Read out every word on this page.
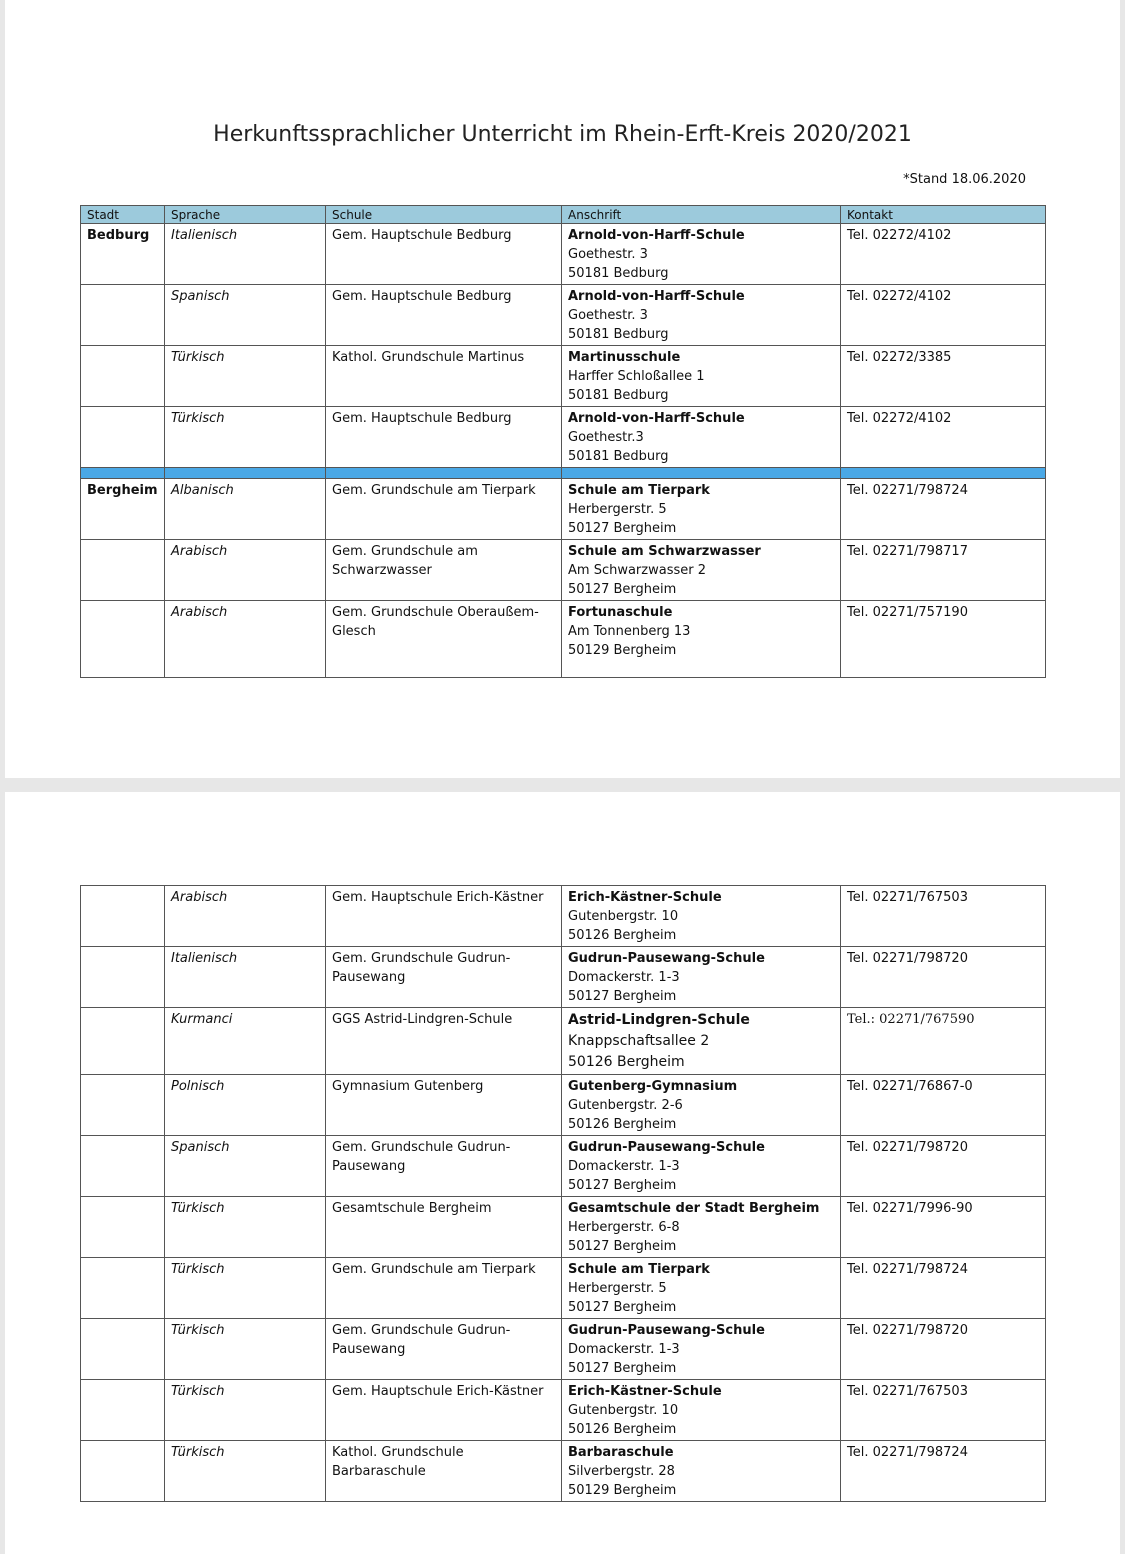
Herkunftssprachlicher Unterricht im Rhein-Erft-Kreis 2020/2021
*Stand 18.06.2020
Stadt	Sprache	Schule	Anschrift	Kontakt
Bedburg	Italienisch	Gem. Hauptschule Bedburg	Arnold-von-Harff-Schule
Goethestr. 3
50181 Bedburg	Tel. 02272/4102
	Spanisch	Gem. Hauptschule Bedburg	Arnold-von-Harff-Schule
Goethestr. 3
50181 Bedburg	Tel. 02272/4102
	Türkisch	Kathol. Grundschule Martinus	Martinusschule
Harffer Schloßallee 1
50181 Bedburg	Tel. 02272/3385
	Türkisch	Gem. Hauptschule Bedburg	Arnold-von-Harff-Schule
Goethestr.3
50181 Bedburg	Tel. 02272/4102

Bergheim	Albanisch	Gem. Grundschule am Tierpark	Schule am Tierpark
Herbergerstr. 5
50127 Bergheim	Tel. 02271/798724
	Arabisch	Gem. Grundschule am Schwarzwasser	Schule am Schwarzwasser
Am Schwarzwasser 2
50127 Bergheim	Tel. 02271/798717
	Arabisch	Gem. Grundschule Oberaußem-Glesch	Fortunaschule
Am Tonnenberg 13
50129 Bergheim	Tel. 02271/757190
	Arabisch	Gem. Hauptschule Erich-Kästner	Erich-Kästner-Schule
Gutenbergstr. 10
50126 Bergheim	Tel. 02271/767503
	Italienisch	Gem. Grundschule Gudrun-Pausewang	Gudrun-Pausewang-Schule
Domackerstr. 1-3
50127 Bergheim	Tel. 02271/798720
	Kurmanci	GGS Astrid-Lindgren-Schule	Astrid-Lindgren-Schule
Knappschaftsallee 2
50126 Bergheim	Tel.: 02271/767590
	Polnisch	Gymnasium Gutenberg	Gutenberg-Gymnasium
Gutenbergstr. 2-6
50126 Bergheim	Tel. 02271/76867-0
	Spanisch	Gem. Grundschule Gudrun-Pausewang	Gudrun-Pausewang-Schule
Domackerstr. 1-3
50127 Bergheim	Tel. 02271/798720
	Türkisch	Gesamtschule Bergheim	Gesamtschule der Stadt Bergheim
Herbergerstr. 6-8
50127 Bergheim	Tel. 02271/7996-90
	Türkisch	Gem. Grundschule am Tierpark	Schule am Tierpark
Herbergerstr. 5
50127 Bergheim	Tel. 02271/798724
	Türkisch	Gem. Grundschule Gudrun-Pausewang	Gudrun-Pausewang-Schule
Domackerstr. 1-3
50127 Bergheim	Tel. 02271/798720
	Türkisch	Gem. Hauptschule Erich-Kästner	Erich-Kästner-Schule
Gutenbergstr. 10
50126 Bergheim	Tel. 02271/767503
	Türkisch	Kathol. Grundschule Barbaraschule	Barbaraschule
Silverbergstr. 28
50129 Bergheim	Tel. 02271/798724
